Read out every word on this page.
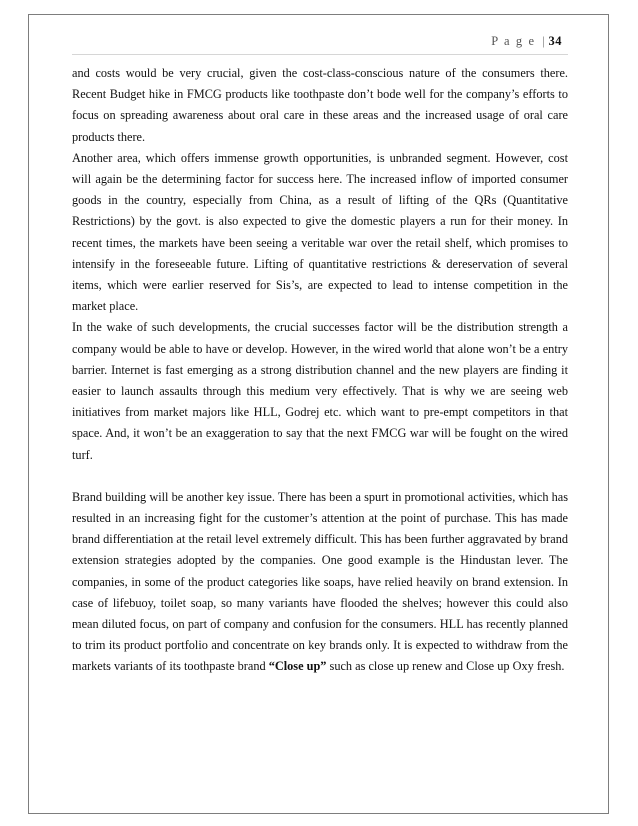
P a g e | 34

and costs would be very crucial, given the cost-class-conscious nature of the consumers there. Recent Budget hike in FMCG products like toothpaste don’t bode well for the company’s efforts to focus on spreading awareness about oral care in these areas and the increased usage of oral care products there.

Another area, which offers immense growth opportunities, is unbranded segment. However, cost will again be the determining factor for success here. The increased inflow of imported consumer goods in the country, especially from China, as a result of lifting of the QRs (Quantitative Restrictions) by the govt. is also expected to give the domestic players a run for their money. In recent times, the markets have been seeing a veritable war over the retail shelf, which promises to intensify in the foreseeable future. Lifting of quantitative restrictions & dereservation of several items, which were earlier reserved for Sis’s, are expected to lead to intense competition in the market place.

In the wake of such developments, the crucial successes factor will be the distribution strength a company would be able to have or develop. However, in the wired world that alone won’t be a entry barrier. Internet is fast emerging as a strong distribution channel and the new players are finding it easier to launch assaults through this medium very effectively. That is why we are seeing web initiatives from market majors like HLL, Godrej etc. which want to pre-empt competitors in that space. And, it won’t be an exaggeration to say that the next FMCG war will be fought on the wired turf.

Brand building will be another key issue. There has been a spurt in promotional activities, which has resulted in an increasing fight for the customer’s attention at the point of purchase. This has made brand differentiation at the retail level extremely difficult. This has been further aggravated by brand extension strategies adopted by the companies. One good example is the Hindustan lever. The companies, in some of the product categories like soaps, have relied heavily on brand extension. In case of lifebuoy, toilet soap, so many variants have flooded the shelves; however this could also mean diluted focus, on part of company and confusion for the consumers. HLL has recently planned to trim its product portfolio and concentrate on key brands only. It is expected to withdraw from the markets variants of its toothpaste brand “Close up” such as close up renew and Close up Oxy fresh.
